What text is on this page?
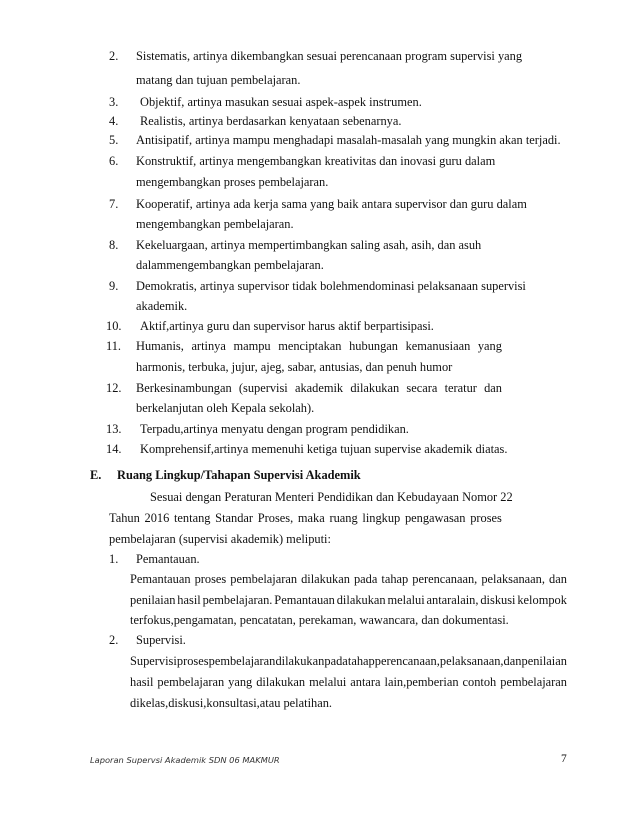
2. Sistematis, artinya dikembangkan sesuai perencanaan program supervisi yang
matang dan tujuan pembelajaran.
3. Objektif, artinya masukan sesuai aspek-aspek instrumen.
4. Realistis, artinya berdasarkan kenyataan sebenarnya.
5. Antisipatif, artinya mampu menghadapi masalah-masalah yang mungkin akan terjadi.
6. Konstruktif, artinya mengembangkan kreativitas dan inovasi guru dalam
mengembangkan proses pembelajaran.
7. Kooperatif, artinya ada kerja sama yang baik antara supervisor dan guru dalam
mengembangkan pembelajaran.
8. Kekeluargaan, artinya mempertimbangkan saling asah, asih, dan asuh
dalammengembangkan pembelajaran.
9. Demokratis, artinya supervisor tidak bolehmendominasi pelaksanaan supervisi
akademik.
10. Aktif,artinya guru dan supervisor harus aktif berpartisipasi.
11. Humanis, artinya mampu menciptakan hubungan kemanusiaan yang
harmonis, terbuka, jujur, ajeg, sabar, antusias, dan penuh humor
12. Berkesinambungan (supervisi akademik dilakukan secara teratur dan
berkelanjutan oleh Kepala sekolah).
13. Terpadu,artinya menyatu dengan program pendidikan.
14. Komprehensif,artinya memenuhi ketiga tujuan supervise akademik diatas.
E. Ruang Lingkup/Tahapan Supervisi Akademik
Sesuai dengan Peraturan Menteri Pendidikan dan Kebudayaan Nomor 22
Tahun 2016 tentang Standar Proses, maka ruang lingkup pengawasan proses
pembelajaran (supervisi akademik) meliputi:
1. Pemantauan.
Pemantauan proses pembelajaran dilakukan pada tahap perencanaan, pelaksanaan, dan
penilaian hasil pembelajaran. Pemantauan dilakukan melalui antaralain, diskusi kelompok
terfokus,pengamatan, pencatatan, perekaman, wawancara, dan dokumentasi.
2. Supervisi.
Supervisi proses pembelajaran dilakukan pada tahap perencanaan, pelaksanaan,dan penilaian
hasil pembelajaran yang dilakukan melalui antara lain,pemberian contoh pembelajaran
dikelas,diskusi,konsultasi,atau pelatihan.
Laporan Supervsi Akademik SDN 06 MAKMUR	7
